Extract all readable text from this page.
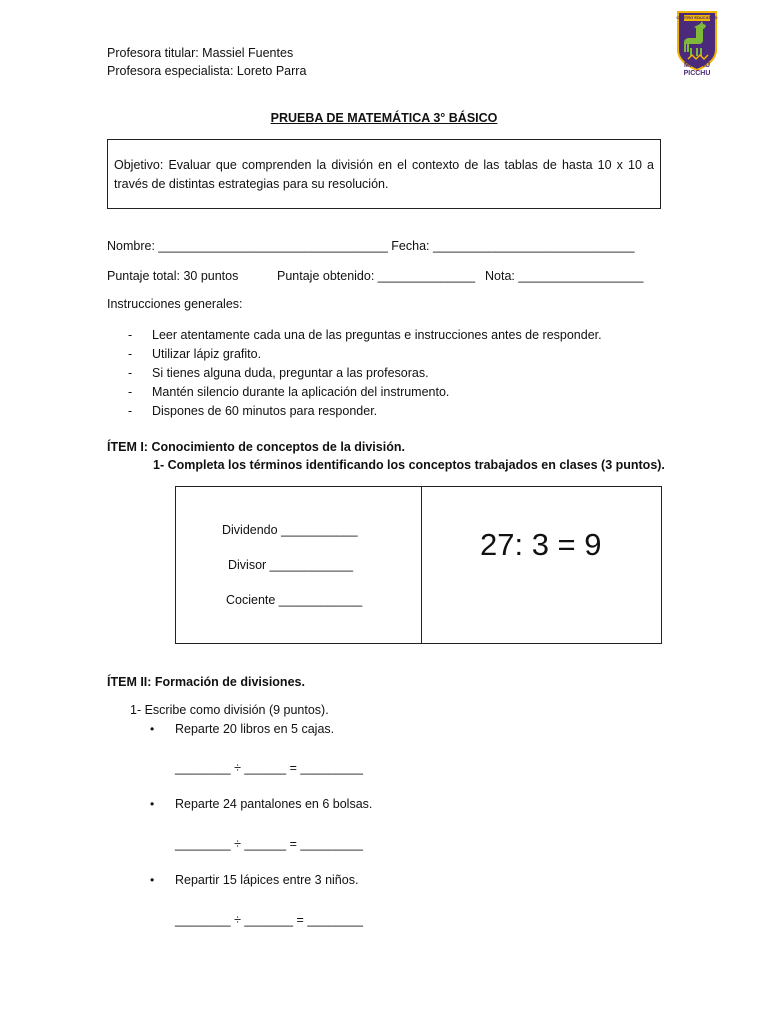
Profesora titular: Massiel Fuentes
Profesora especialista: Loreto Parra
CENTRO EDUCATIVO
MACHU
PICCHU
PRUEBA DE MATEMÁTICA 3° BÁSICO
Objetivo: Evaluar que comprenden la división en el contexto de las tablas de hasta 10 x 10 a
través de distintas estrategias para su resolución.
Nombre: _________________________________ Fecha: _____________________________
Puntaje total: 30 puntos	Puntaje obtenido: ______________ Nota: __________________
Instrucciones generales:
- Leer atentamente cada una de las preguntas e instrucciones antes de responder.
- Utilizar lápiz grafito.
- Si tienes alguna duda, preguntar a las profesoras.
- Mantén silencio durante la aplicación del instrumento.
- Dispones de 60 minutos para responder.
ÍTEM I: Conocimiento de conceptos de la división.
1- Completa los términos identificando los conceptos trabajados en clases (3 puntos).
Dividendo ___________
Divisor ____________
Cociente ____________
27: 3 = 9
ÍTEM II: Formación de divisiones.
1- Escribe como división (9 puntos).
• Reparte 20 libros en 5 cajas.
________ ÷ ______ = _________
• Reparte 24 pantalones en 6 bolsas.
________ ÷ ______ = _________
• Repartir 15 lápices entre 3 niños.
________ ÷ _______ = ________
